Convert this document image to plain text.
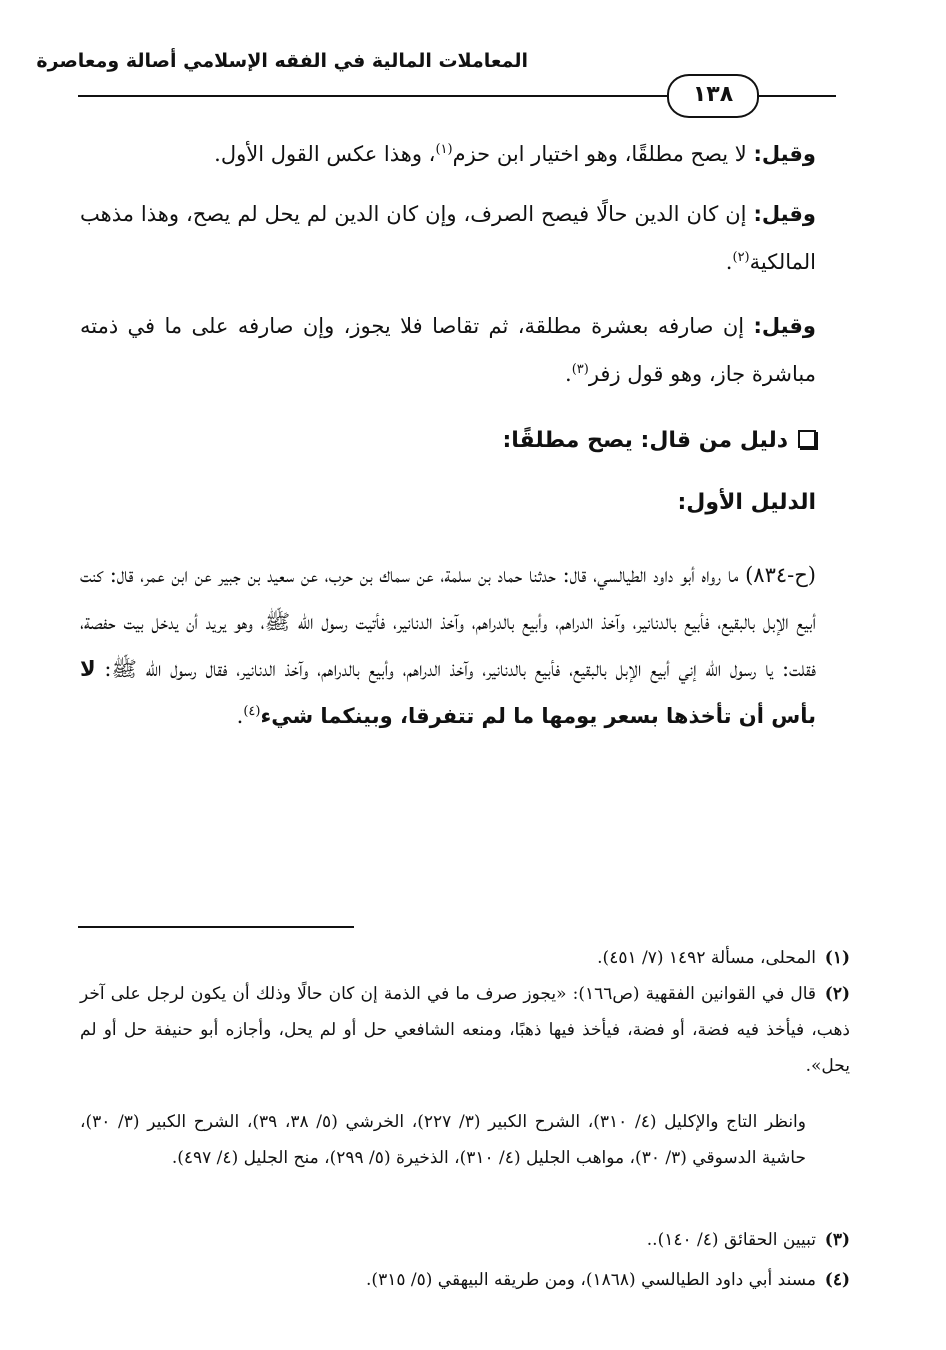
المعاملات المالية في الفقه الإسلامي أصالة ومعاصرة
١٣٨
وقيل: لا يصح مطلقًا، وهو اختيار ابن حزم$^{(١)}$، وهذا عكس القول الأول.
وقيل: إن كان الدين حالًا فيصح الصرف، وإن كان الدين لم يحل لم يصح، وهذا مذهب المالكية$^{(٢)}$.
وقيل: إن صارفه بعشرة مطلقة، ثم تقاصا فلا يجوز، وإن صارفه على ما في ذمته مباشرة جاز، وهو قول زفر$^{(٣)}$.
دليل من قال: يصح مطلقًا:
الدليل الأول:
(ح-٨٣٤) ما رواه أبو داود الطيالسي، قال: حدثنا حماد بن سلمة، عن سماك بن حرب، عن سعيد بن جبير عن ابن عمر، قال: كنت أبيع الإبل بالبقيع، فأبيع بالدنانير، وآخذ الدراهم، وأبيع بالدراهم، وآخذ الدنانير، فأتيت رسول الله ﷺ، وهو يريد أن يدخل بيت حفصة، فقلت: يا رسول الله إني أبيع الإبل بالبقيع، فأبيع بالدنانير، وآخذ الدراهم، وأبيع بالدراهم، وآخذ الدنانير، فقال رسول الله ﷺ: لا بأس أن تأخذها بسعر يومها ما لم تتفرقا، وبينكما شيء$^{(٤)}$.
(١)المحلى، مسألة ١٤٩٢ (٧/ ٤٥١).
(٢)قال في القوانين الفقهية (ص١٦٦): «يجوز صرف ما في الذمة إن كان حالًا وذلك أن يكون لرجل على آخر ذهب، فيأخذ فيه فضة، أو فضة، فيأخذ فيها ذهبًا، ومنعه الشافعي حل أو لم يحل، وأجازه أبو حنيفة حل أو لم يحل».
وانظر التاج والإكليل (٤/ ٣١٠)، الشرح الكبير (٣/ ٢٢٧)، الخرشي (٥/ ٣٨، ٣٩)، الشرح الكبير (٣/ ٣٠)، حاشية الدسوقي (٣/ ٣٠)، مواهب الجليل (٤/ ٣١٠)، الذخيرة (٥/ ٢٩٩)، منح الجليل (٤/ ٤٩٧).
(٣)تبيين الحقائق (٤/ ١٤٠)..
(٤)مسند أبي داود الطيالسي (١٨٦٨)، ومن طريقه البيهقي (٥/ ٣١٥).
